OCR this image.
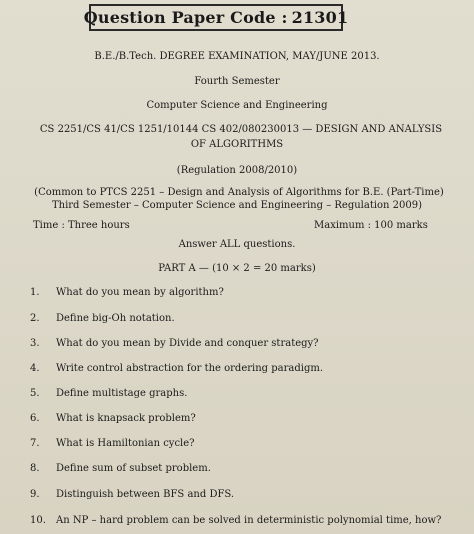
Question Paper Code : 21301
B.E./B.Tech. DEGREE EXAMINATION, MAY/JUNE 2013.
Fourth Semester
Computer Science and Engineering
CS 2251/CS 41/CS 1251/10144 CS 402/080230013 — DESIGN AND ANALYSIS
OF ALGORITHMS
(Regulation 2008/2010)
(Common to PTCS 2251 – Design and Analysis of Algorithms for B.E. (Part-Time)
Third Semester – Computer Science and Engineering – Regulation 2009)
Time : Three hours	Maximum : 100 marks
Answer ALL questions.
PART A — (10 × 2 = 20 marks)
1. What do you mean by algorithm?
2. Define big-Oh notation.
3. What do you mean by Divide and conquer strategy?
4. Write control abstraction for the ordering paradigm.
5. Define multistage graphs.
6. What is knapsack problem?
7. What is Hamiltonian cycle?
8. Define sum of subset problem.
9. Distinguish between BFS and DFS.
10. An NP – hard problem can be solved in deterministic polynomial time, how?
